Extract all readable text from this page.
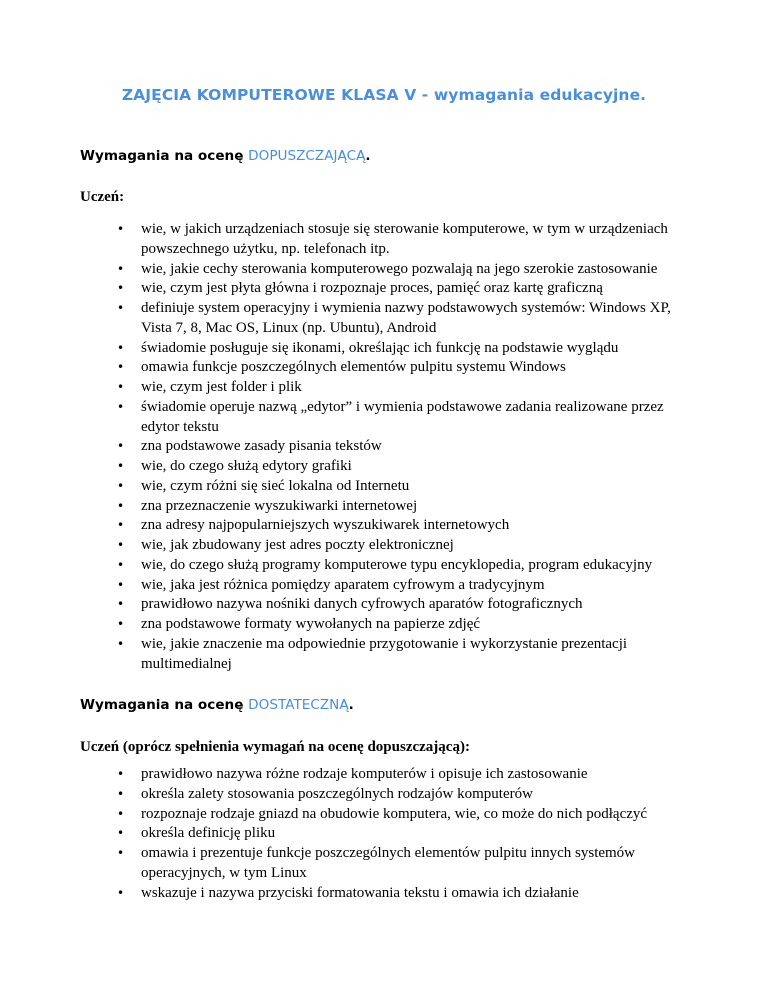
ZAJĘCIA KOMPUTEROWE KLASA V - wymagania edukacyjne.
Wymagania na ocenę DOPUSZCZAJĄCĄ.

Uczeń:

• wie, w jakich urządzeniach stosuje się sterowanie komputerowe, w tym w urządzeniach powszechnego użytku, np. telefonach itp.
• wie, jakie cechy sterowania komputerowego pozwalają na jego szerokie zastosowanie
• wie, czym jest płyta główna i rozpoznaje proces, pamięć oraz kartę graficzną
• definiuje system operacyjny i wymienia nazwy podstawowych systemów: Windows XP, Vista 7, 8, Mac OS, Linux (np. Ubuntu), Android
• świadomie posługuje się ikonami, określając ich funkcję na podstawie wyglądu
• omawia funkcje poszczególnych elementów pulpitu systemu Windows
• wie, czym jest folder i plik
• świadomie operuje nazwą „edytor” i wymienia podstawowe zadania realizowane przez edytor tekstu
• zna podstawowe zasady pisania tekstów
• wie, do czego służą edytory grafiki
• wie, czym różni się sieć lokalna od Internetu
• zna przeznaczenie wyszukiwarki internetowej
• zna adresy najpopularniejszych wyszukiwarek internetowych
• wie, jak zbudowany jest adres poczty elektronicznej
• wie, do czego służą programy komputerowe typu encyklopedia, program edukacyjny
• wie, jaka jest różnica pomiędzy aparatem cyfrowym a tradycyjnym
• prawidłowo nazywa nośniki danych cyfrowych aparatów fotograficznych
• zna podstawowe formaty wywołanych na papierze zdjęć
• wie, jakie znaczenie ma odpowiednie przygotowanie i wykorzystanie prezentacji multimedialnej
Wymagania na ocenę DOSTATECZNĄ.

Uczeń (oprócz spełnienia wymagań na ocenę dopuszczającą):

• prawidłowo nazywa różne rodzaje komputerów i opisuje ich zastosowanie
• określa zalety stosowania poszczególnych rodzajów komputerów
• rozpoznaje rodzaje gniazd na obudowie komputera, wie, co może do nich podłączyć
• określa definicję pliku
• omawia i prezentuje funkcje poszczególnych elementów pulpitu innych systemów operacyjnych, w tym Linux
• wskazuje i nazywa przyciski formatowania tekstu i omawia ich działanie
